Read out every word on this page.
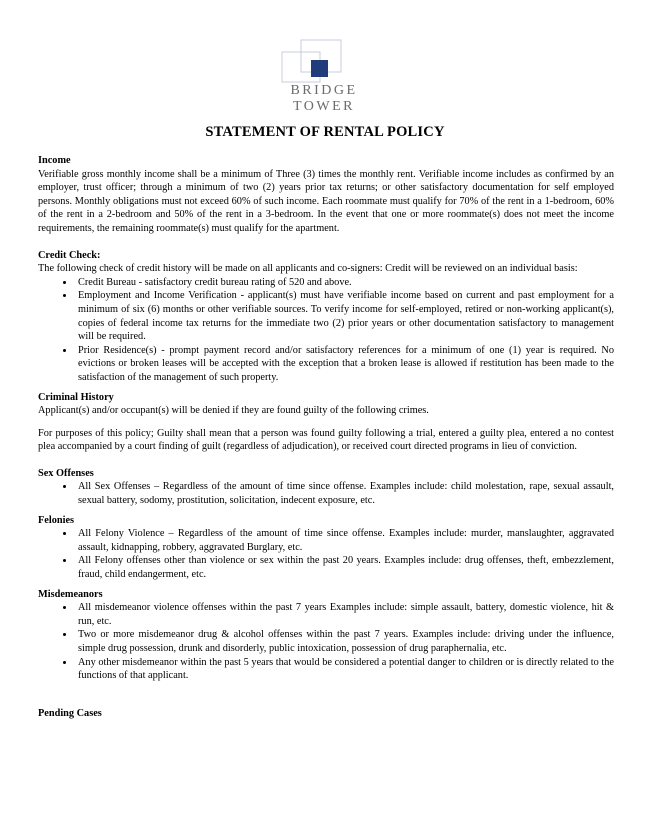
BRIDGE
TOWER
STATEMENT OF RENTAL POLICY

Income

Verifiable gross monthly income shall be a minimum of Three (3) times the monthly rent. Verifiable income includes as confirmed by an employer, trust officer; through a minimum of two (2) years prior tax returns; or other satisfactory documentation for self employed persons. Monthly obligations must not exceed 60% of such income. Each roommate must qualify for 70% of the rent in a 1-bedroom, 60% of the rent in a 2-bedroom and 50% of the rent in a 3-bedroom. In the event that one or more roommate(s) does not meet the income requirements, the remaining roommate(s) must qualify for the apartment.

Credit Check:

The following check of credit history will be made on all applicants and co-signers: Credit will be reviewed on an individual basis:

• Credit Bureau - satisfactory credit bureau rating of 520 and above.
• Employment and Income Verification - applicant(s) must have verifiable income based on current and past employment for a minimum of six (6) months or other verifiable sources. To verify income for self-employed, retired or non-working applicant(s), copies of federal income tax returns for the immediate two (2) prior years or other documentation satisfactory to management will be required.
• Prior Residence(s) - prompt payment record and/or satisfactory references for a minimum of one (1) year is required. No evictions or broken leases will be accepted with the exception that a broken lease is allowed if restitution has been made to the satisfaction of the management of such property.

Criminal History

Applicant(s) and/or occupant(s) will be denied if they are found guilty of the following crimes.

For purposes of this policy; Guilty shall mean that a person was found guilty following a trial, entered a guilty plea, entered a no contest plea accompanied by a court finding of guilt (regardless of adjudication), or received court directed programs in lieu of conviction.

Sex Offenses

• All Sex Offenses – Regardless of the amount of time since offense. Examples include: child molestation, rape, sexual assault, sexual battery, sodomy, prostitution, solicitation, indecent exposure, etc.

Felonies

• All Felony Violence – Regardless of the amount of time since offense. Examples include: murder, manslaughter, aggravated assault, kidnapping, robbery, aggravated Burglary, etc.
• All Felony offenses other than violence or sex within the past 20 years. Examples include: drug offenses, theft, embezzlement, fraud, child endangerment, etc.

Misdemeanors

• All misdemeanor violence offenses within the past 7 years Examples include: simple assault, battery, domestic violence, hit & run, etc.
• Two or more misdemeanor drug & alcohol offenses within the past 7 years. Examples include: driving under the influence, simple drug possession, drunk and disorderly, public intoxication, possession of drug paraphernalia, etc.
• Any other misdemeanor within the past 5 years that would be considered a potential danger to children or is directly related to the functions of that applicant.

Pending Cases
